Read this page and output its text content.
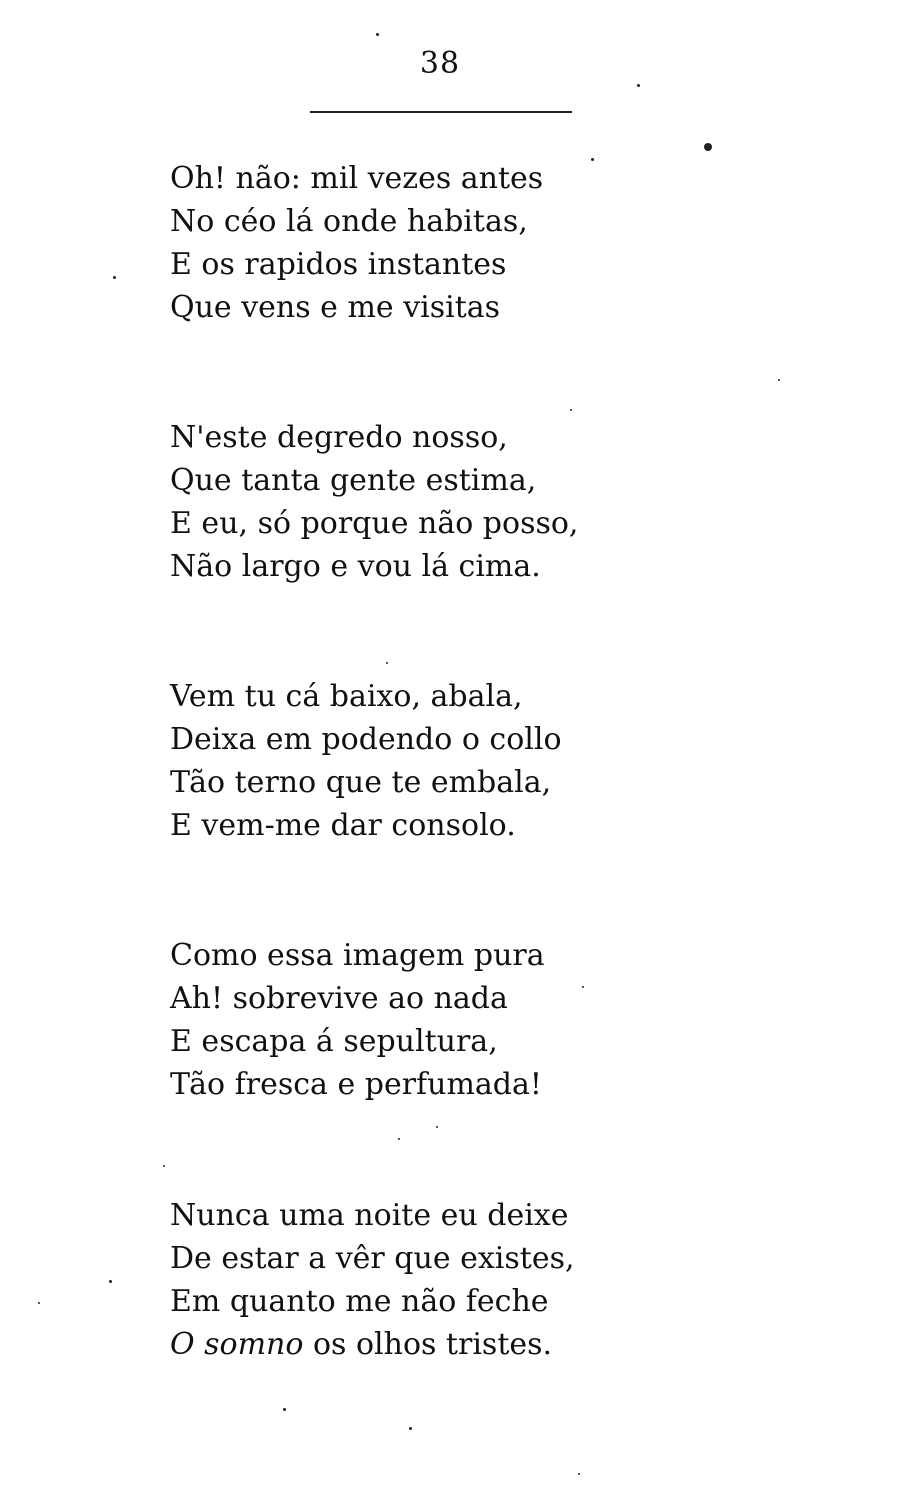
38
Oh! não: mil vezes antes
No céo lá onde habitas,
E os rapidos instantes
Que vens e me visitas
N'este degredo nosso,
Que tanta gente estima,
E eu, só porque não posso,
Não largo e vou lá cima.
Vem tu cá baixo, abala,
Deixa em podendo o collo
Tão terno que te embala,
E vem-me dar consolo.
Como essa imagem pura
Ah! sobrevive ao nada
E escapa á sepultura,
Tão fresca e perfumada!
Nunca uma noite eu deixe
De estar a vêr que existes,
Em quanto me não feche
O somno os olhos tristes.
